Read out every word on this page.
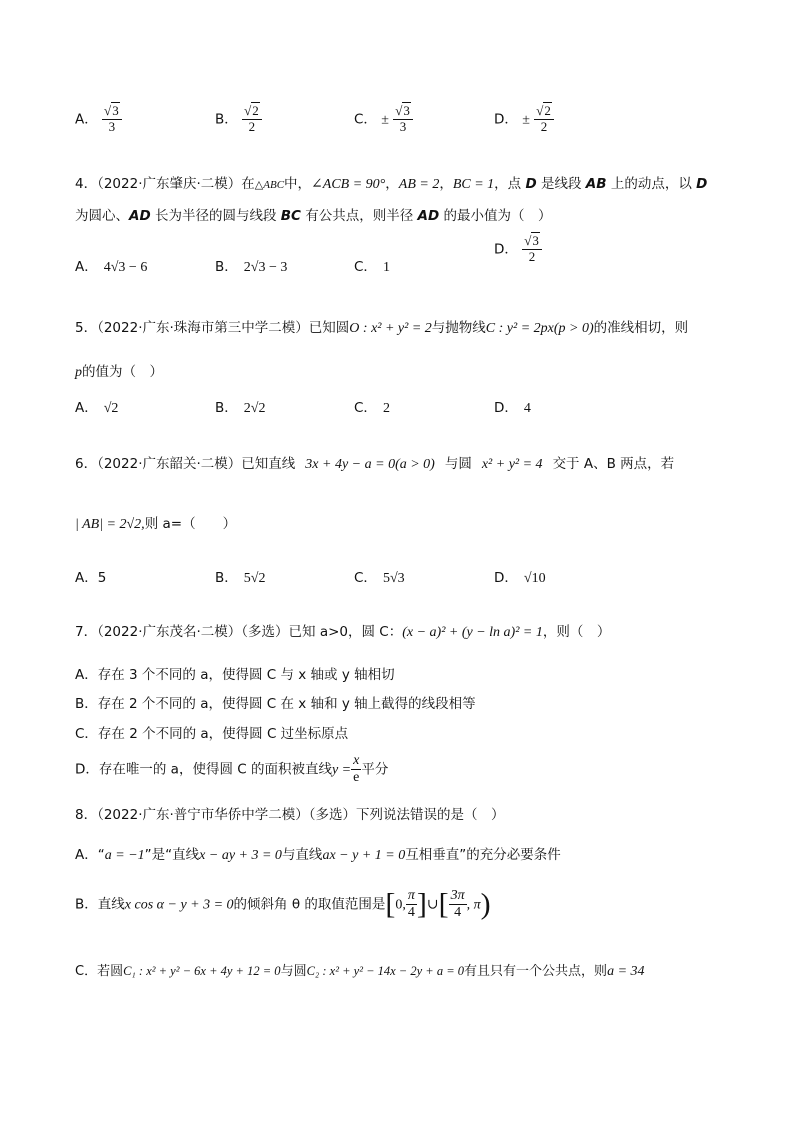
A． $\frac{√3}{3}$	B． $\frac{√2}{2}$	C． ± $\frac{√3}{3}$	D． ± $\frac{√2}{2}$
4．（2022·广东肇庆·二模）在△ABC中，∠ACB = 90°，AB = 2，BC = 1，点 D 是线段 AB 上的动点，以 D
为圆心、AD 长为半径的圆与线段 BC 有公共点，则半径 AD 的最小值为（　）
A． 4√3 − 6	B． 2√3 − 3	C． 1
D． $\frac{√3}{2}$
5．（2022·广东·珠海市第三中学二模）已知圆O : x² + y² = 2与抛物线C : y² = 2px(p > 0)的准线相切，则
p的值为（　）
A． √2	B． 2√2	C． 2	D． 4
6．（2022·广东韶关·二模）已知直线 3x + 4y − a = 0(a > 0) 与圆 x² + y² = 4 交于 A、B 两点，若
| AB| = 2√2,则 a=（　　）
A．5	B． 5√2	C． 5√3	D． √10
7．（2022·广东茂名·二模）（多选）已知 a>0，圆 C：(x − a)² + (y − ln a)² = 1，则（　）
A．存在 3 个不同的 a，使得圆 C 与 x 轴或 y 轴相切
B．存在 2 个不同的 a，使得圆 C 在 x 轴和 y 轴上截得的线段相等
C．存在 2 个不同的 a，使得圆 C 过坐标原点
D．存在唯一的 a，使得圆 C 的面积被直线$y = \frac{x}{e}$ 平分
8．（2022·广东·普宁市华侨中学二模）（多选）下列说法错误的是（　）
A．“a = −1”是“直线x − ay + 3 = 0与直线ax − y + 1 = 0互相垂直”的充分必要条件
B．直线x cos α − y + 3 = 0的倾斜角 θ 的取值范围是[0, $\frac{\pi}{4}$ ]∪[ $\frac{3\pi}{4}$ , π)
C．若圆C₁ : x² + y² − 6x + 4y + 12 = 0与圆C₂ : x² + y² − 14x − 2y + a = 0有且只有一个公共点，则a = 34
